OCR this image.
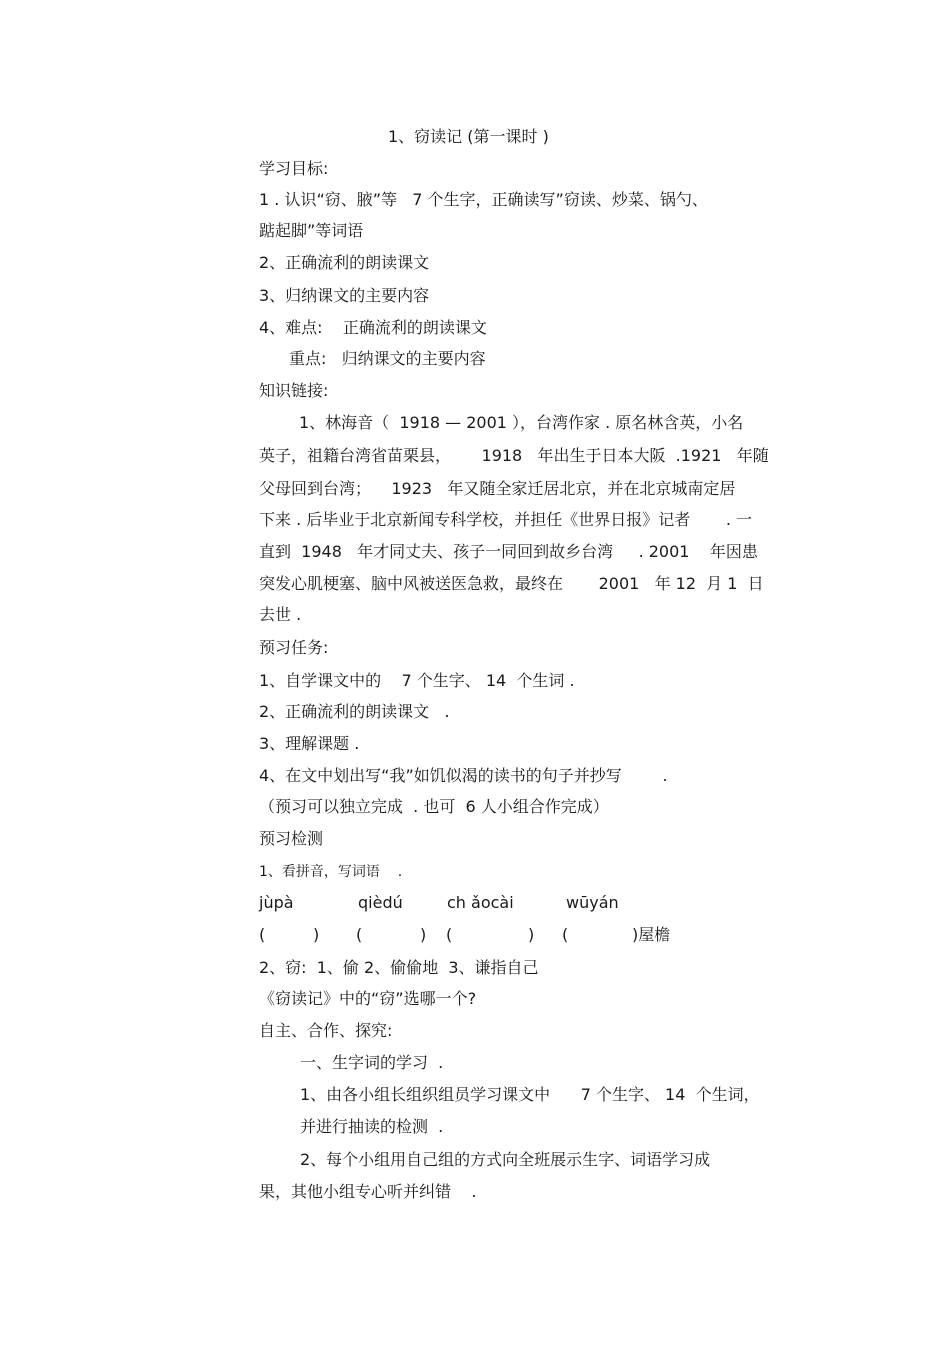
1、窃读记 (第一课时 )
学习目标:
1 . 认识“窃、腋”等   7 个生字，正确读写”窃读、炒菜、锅勺、
踮起脚”等词语
2、正确流利的朗读课文
3、归纳课文的主要内容
4、难点:    正确流利的朗读课文
重点:   归纳课文的主要内容
知识链接:
1、林海音（  1918 — 2001 ），台湾作家 . 原名林含英，小名
英子，祖籍台湾省苗栗县，      1918   年出生于日本大阪  .1921   年随
父母回到台湾；    1923   年又随全家迁居北京，并在北京城南定居
下来 . 后毕业于北京新闻专科学校，并担任《世界日报》记者       . 一
直到  1948   年才同丈夫、孩子一同回到故乡台湾     . 2001    年因患
突发心肌梗塞、脑中风被送医急救，最终在       2001   年 12  月 1  日
去世 .
预习任务:
1、自学课文中的    7 个生字、 14  个生词 .
2、正确流利的朗读课文   .
3、理解课题 .
4、在文中划出写“我”如饥似渴的读书的句子并抄写        .
（预习可以独立完成  . 也可  6 人小组合作完成）
预习检测
1、看拼音，写词语    .
jùpà	qièdú	ch ǎocài	wūyán
(	) (	) (	) (	)屋檐
2、窃:  1、偷 2、偷偷地  3、谦指自己
《窃读记》中的“窃”选哪一个?
自主、合作、探究:
一、生字词的学习  .
1、由各小组长组织组员学习课文中      7 个生字、 14  个生词，
并进行抽读的检测  .
2、每个小组用自己组的方式向全班展示生字、词语学习成
果，其他小组专心听并纠错    .
